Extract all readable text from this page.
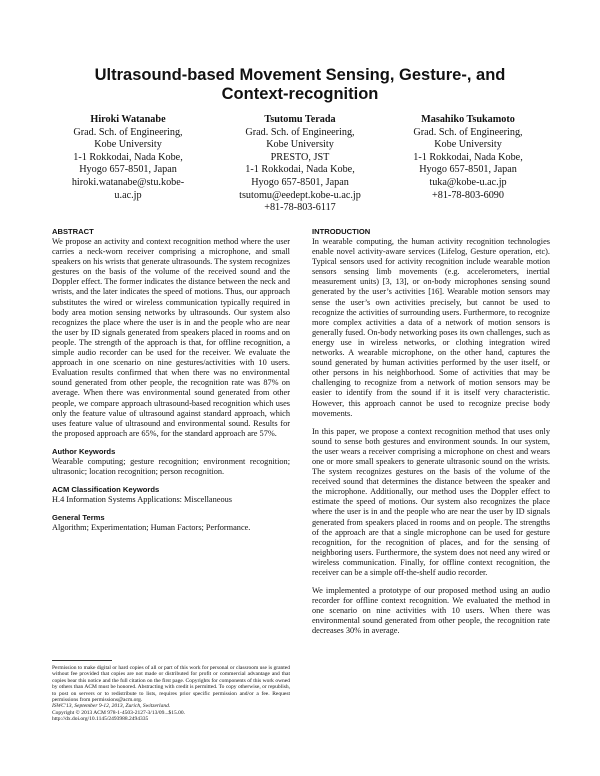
Ultrasound-based Movement Sensing, Gesture-, and
Context-recognition
Hiroki Watanabe
Grad. Sch. of Engineering,
Kobe University
1-1 Rokkodai, Nada Kobe,
Hyogo 657-8501, Japan
hiroki.watanabe@stu.kobe-
u.ac.jp
Tsutomu Terada
Grad. Sch. of Engineering,
Kobe University
PRESTO, JST
1-1 Rokkodai, Nada Kobe,
Hyogo 657-8501, Japan
tsutomu@eedept.kobe-u.ac.jp
+81-78-803-6117
Masahiko Tsukamoto
Grad. Sch. of Engineering,
Kobe University
1-1 Rokkodai, Nada Kobe,
Hyogo 657-8501, Japan
tuka@kobe-u.ac.jp
+81-78-803-6090
ABSTRACT

We propose an activity and context recognition method where the user carries a neck-worn receiver comprising a microphone, and small speakers on his wrists that generate ultrasounds. The system recognizes gestures on the basis of the volume of the received sound and the Doppler effect. The former indicates the distance between the neck and wrists, and the later indicates the speed of motions. Thus, our approach substitutes the wired or wireless communication typically required in body area motion sensing networks by ultrasounds. Our system also recognizes the place where the user is in and the people who are near the user by ID signals generated from speakers placed in rooms and on people. The strength of the approach is that, for offline recognition, a simple audio recorder can be used for the receiver. We evaluate the approach in one scenario on nine gestures/activities with 10 users. Evaluation results confirmed that when there was no environmental sound generated from other people, the recognition rate was 87% on average. When there was environmental sound generated from other people, we compare approach ultrasound-based recognition which uses only the feature value of ultrasound against standard approach, which uses feature value of ultrasound and environmental sound. Results for the proposed approach are 65%, for the standard approach are 57%.

Author Keywords

Wearable computing; gesture recognition; environment recognition; ultrasonic; location recognition; person recognition.

ACM Classification Keywords

H.4 Information Systems Applications: Miscellaneous

General Terms

Algorithm; Experimentation; Human Factors; Performance.

Permission to make digital or hard copies of all or part of this work for personal or classroom use is granted without fee provided that copies are not made or distributed for profit or commercial advantage and that copies bear this notice and the full citation on the first page. Copyrights for components of this work owned by others than ACM must be honored. Abstracting with credit is permitted. To copy otherwise, or republish, to post on servers or to redistribute to lists, requires prior specific permission and/or a fee. Request permissions from permissions@acm.org.
ISWC'13, September 9-12, 2013, Zurich, Switzerland.
Copyright © 2013 ACM 978-1-4503-2127-3/13/09...$15.00.
http://dx.doi.org/10.1145/2493988.2494335
INTRODUCTION

In wearable computing, the human activity recognition technologies enable novel activity-aware services (Lifelog, Gesture operation, etc). Typical sensors used for activity recognition include wearable motion sensors sensing limb movements (e.g. accelerometers, inertial measurement units) [3, 13], or on-body microphones sensing sound generated by the user’s activities [16]. Wearable motion sensors may sense the user’s own activities precisely, but cannot be used to recognize the activities of surrounding users. Furthermore, to recognize more complex activities a data of a network of motion sensors is generally fused. On-body networking poses its own challenges, such as energy use in wireless networks, or clothing integration wired networks. A wearable microphone, on the other hand, captures the sound generated by human activities performed by the user itself, or other persons in his neighborhood. Some of activities that may be challenging to recognize from a network of motion sensors may be easier to identify from the sound if it is itself very characteristic. However, this approach cannot be used to recognize precise body movements.

In this paper, we propose a context recognition method that uses only sound to sense both gestures and environment sounds. In our system, the user wears a receiver comprising a microphone on chest and wears one or more small speakers to generate ultrasonic sound on the wrists. The system recognizes gestures on the basis of the volume of the received sound that determines the distance between the speaker and the microphone. Additionally, our method uses the Doppler effect to estimate the speed of motions. Our system also recognizes the place where the user is in and the people who are near the user by ID signals generated from speakers placed in rooms and on people. The strengths of the approach are that a single microphone can be used for gesture recognition, for the recognition of places, and for the sensing of neighboring users. Furthermore, the system does not need any wired or wireless communication. Finally, for offline context recognition, the receiver can be a simple off-the-shelf audio recorder.

We implemented a prototype of our proposed method using an audio recorder for offline context recognition. We evaluated the method in one scenario on nine activities with 10 users. When there was environmental sound generated from other people, the recognition rate decreases 30% in average.
